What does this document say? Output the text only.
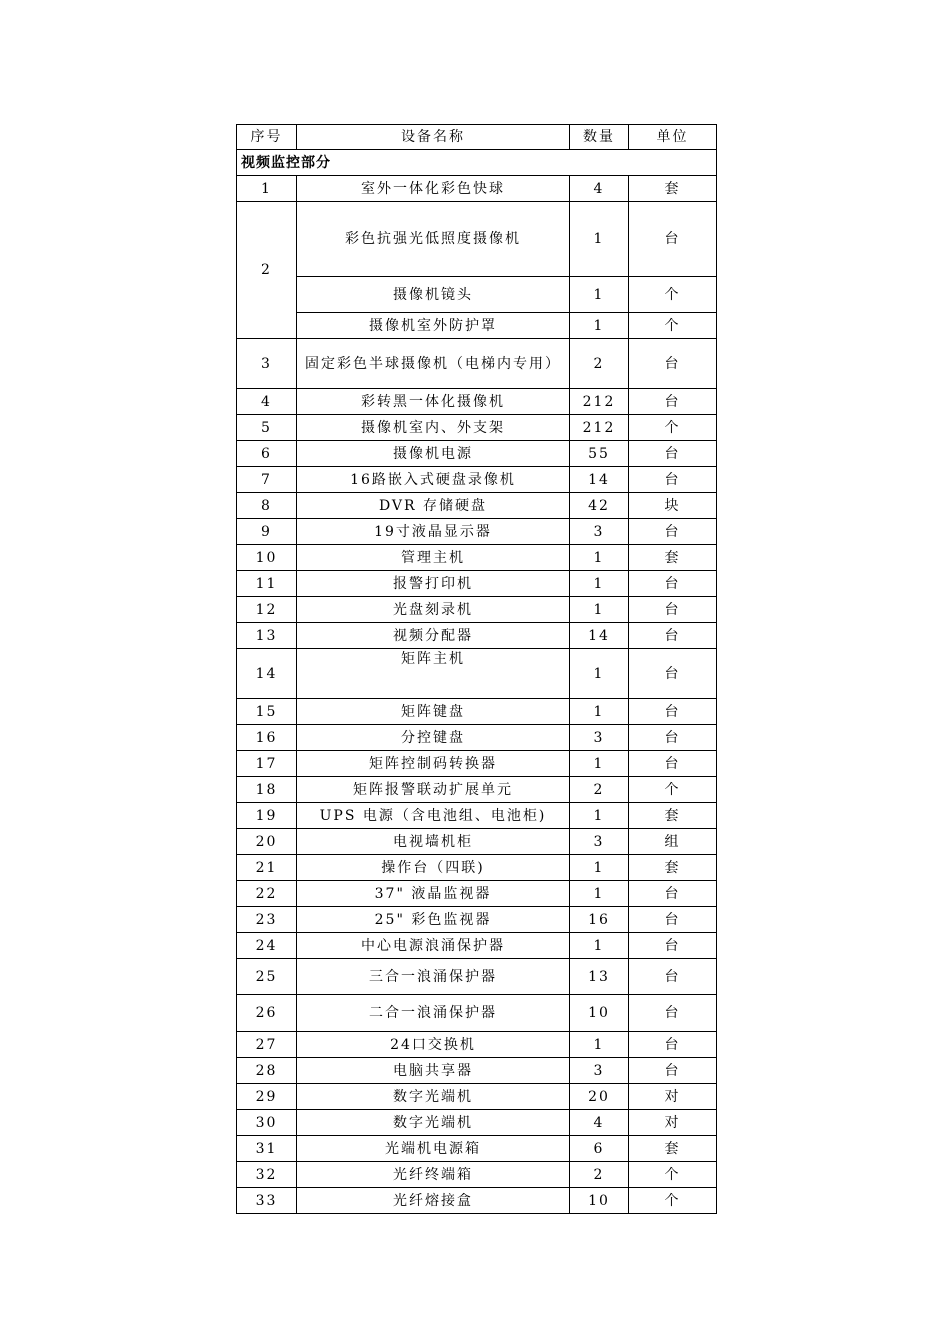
序号	设备名称	数量	单位
视频监控部分			
1	室外一体化彩色快球	4	套
2	彩色抗强光低照度摄像机	1	台
	摄像机镜头	1	个
	摄像机室外防护罩	1	个
3	固定彩色半球摄像机（电梯内专用）	2	台
4	彩转黑一体化摄像机	212	台
5	摄像机室内、外支架	212	个
6	摄像机电源	55	台
7	16路嵌入式硬盘录像机	14	台
8	DVR 存储硬盘	42	块
9	19寸液晶显示器	3	台
10	管理主机	1	套
11	报警打印机	1	台
12	光盘刻录机	1	台
13	视频分配器	14	台
14	矩阵主机	1	台
15	矩阵键盘	1	台
16	分控键盘	3	台
17	矩阵控制码转换器	1	台
18	矩阵报警联动扩展单元	2	个
19	UPS 电源（含电池组、电池柜)	1	套
20	电视墙机柜	3	组
21	操作台（四联)	1	套
22	37" 液晶监视器	1	台
23	25" 彩色监视器	16	台
24	中心电源浪涌保护器	1	台
25	三合一浪涌保护器	13	台
26	二合一浪涌保护器	10	台
27	24口交换机	1	台
28	电脑共享器	3	台
29	数字光端机	20	对
30	数字光端机	4	对
31	光端机电源箱	6	套
32	光纤终端箱	2	个
33	光纤熔接盒	10	个
